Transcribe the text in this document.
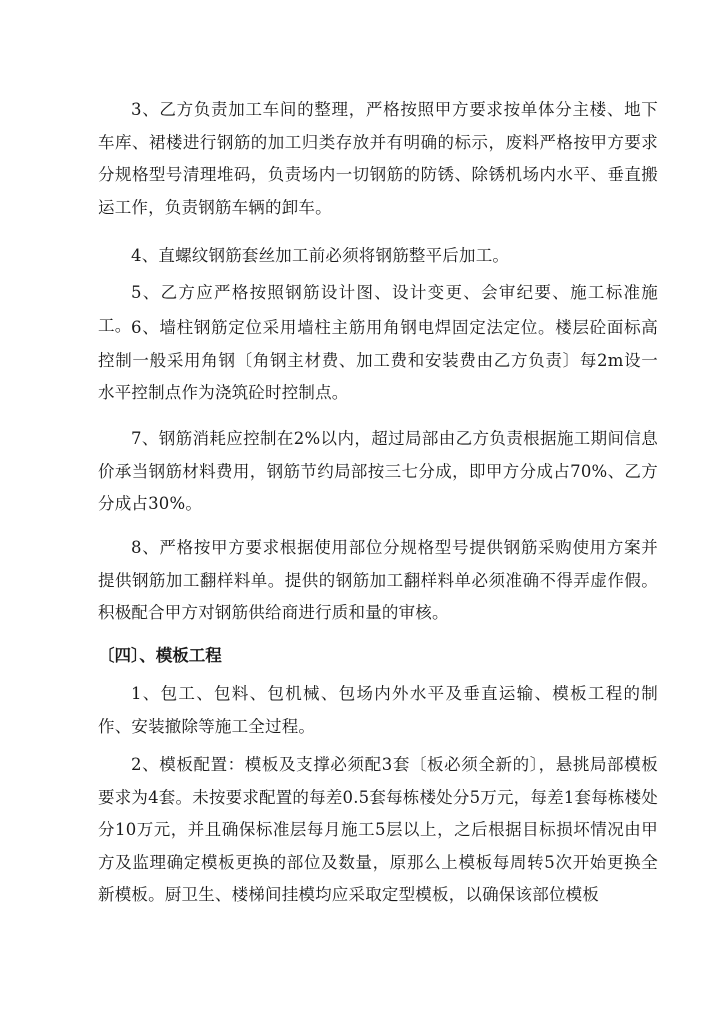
3、乙方负责加工车间的整理，严格按照甲方要求按单体分主楼、地下车库、裙楼进行钢筋的加工归类存放并有明确的标示，废料严格按甲方要求分规格型号清理堆码，负责场内一切钢筋的防锈、除锈机场内水平、垂直搬运工作，负责钢筋车辆的卸车。

4、直螺纹钢筋套丝加工前必须将钢筋整平后加工。

5、乙方应严格按照钢筋设计图、设计变更、会审纪要、施工标准施工。 6、墙柱钢筋定位采用墙柱主筋用角钢电焊固定法定位。楼层砼面标高控制一般采用角钢〔角钢主材费、加工费和安装费由乙方负责〕每2m设一水平控制点作为浇筑砼时控制点。

7、钢筋消耗应控制在2%以内，超过局部由乙方负责根据施工期间信息价承当钢筋材料费用，钢筋节约局部按三七分成，即甲方分成占70%、乙方分成占30%。

8、严格按甲方要求根据使用部位分规格型号提供钢筋采购使用方案并提供钢筋加工翻样料单。提供的钢筋加工翻样料单必须准确不得弄虚作假。积极配合甲方对钢筋供给商进行质和量的审核。

〔四〕、模板工程

1、包工、包料、包机械、包场内外水平及垂直运输、模板工程的制作、安装撤除等施工全过程。

2、模板配置：模板及支撑必须配3套〔板必须全新的〕，悬挑局部模板要求为4套。未按要求配置的每差0.5套每栋楼处分5万元，每差1套每栋楼处分10万元，并且确保标准层每月施工5层以上，之后根据目标损坏情况由甲方及监理确定模板更换的部位及数量，原那么上模板每周转5次开始更换全新模板。厨卫生、楼梯间挂模均应采取定型模板，以确保该部位模板
